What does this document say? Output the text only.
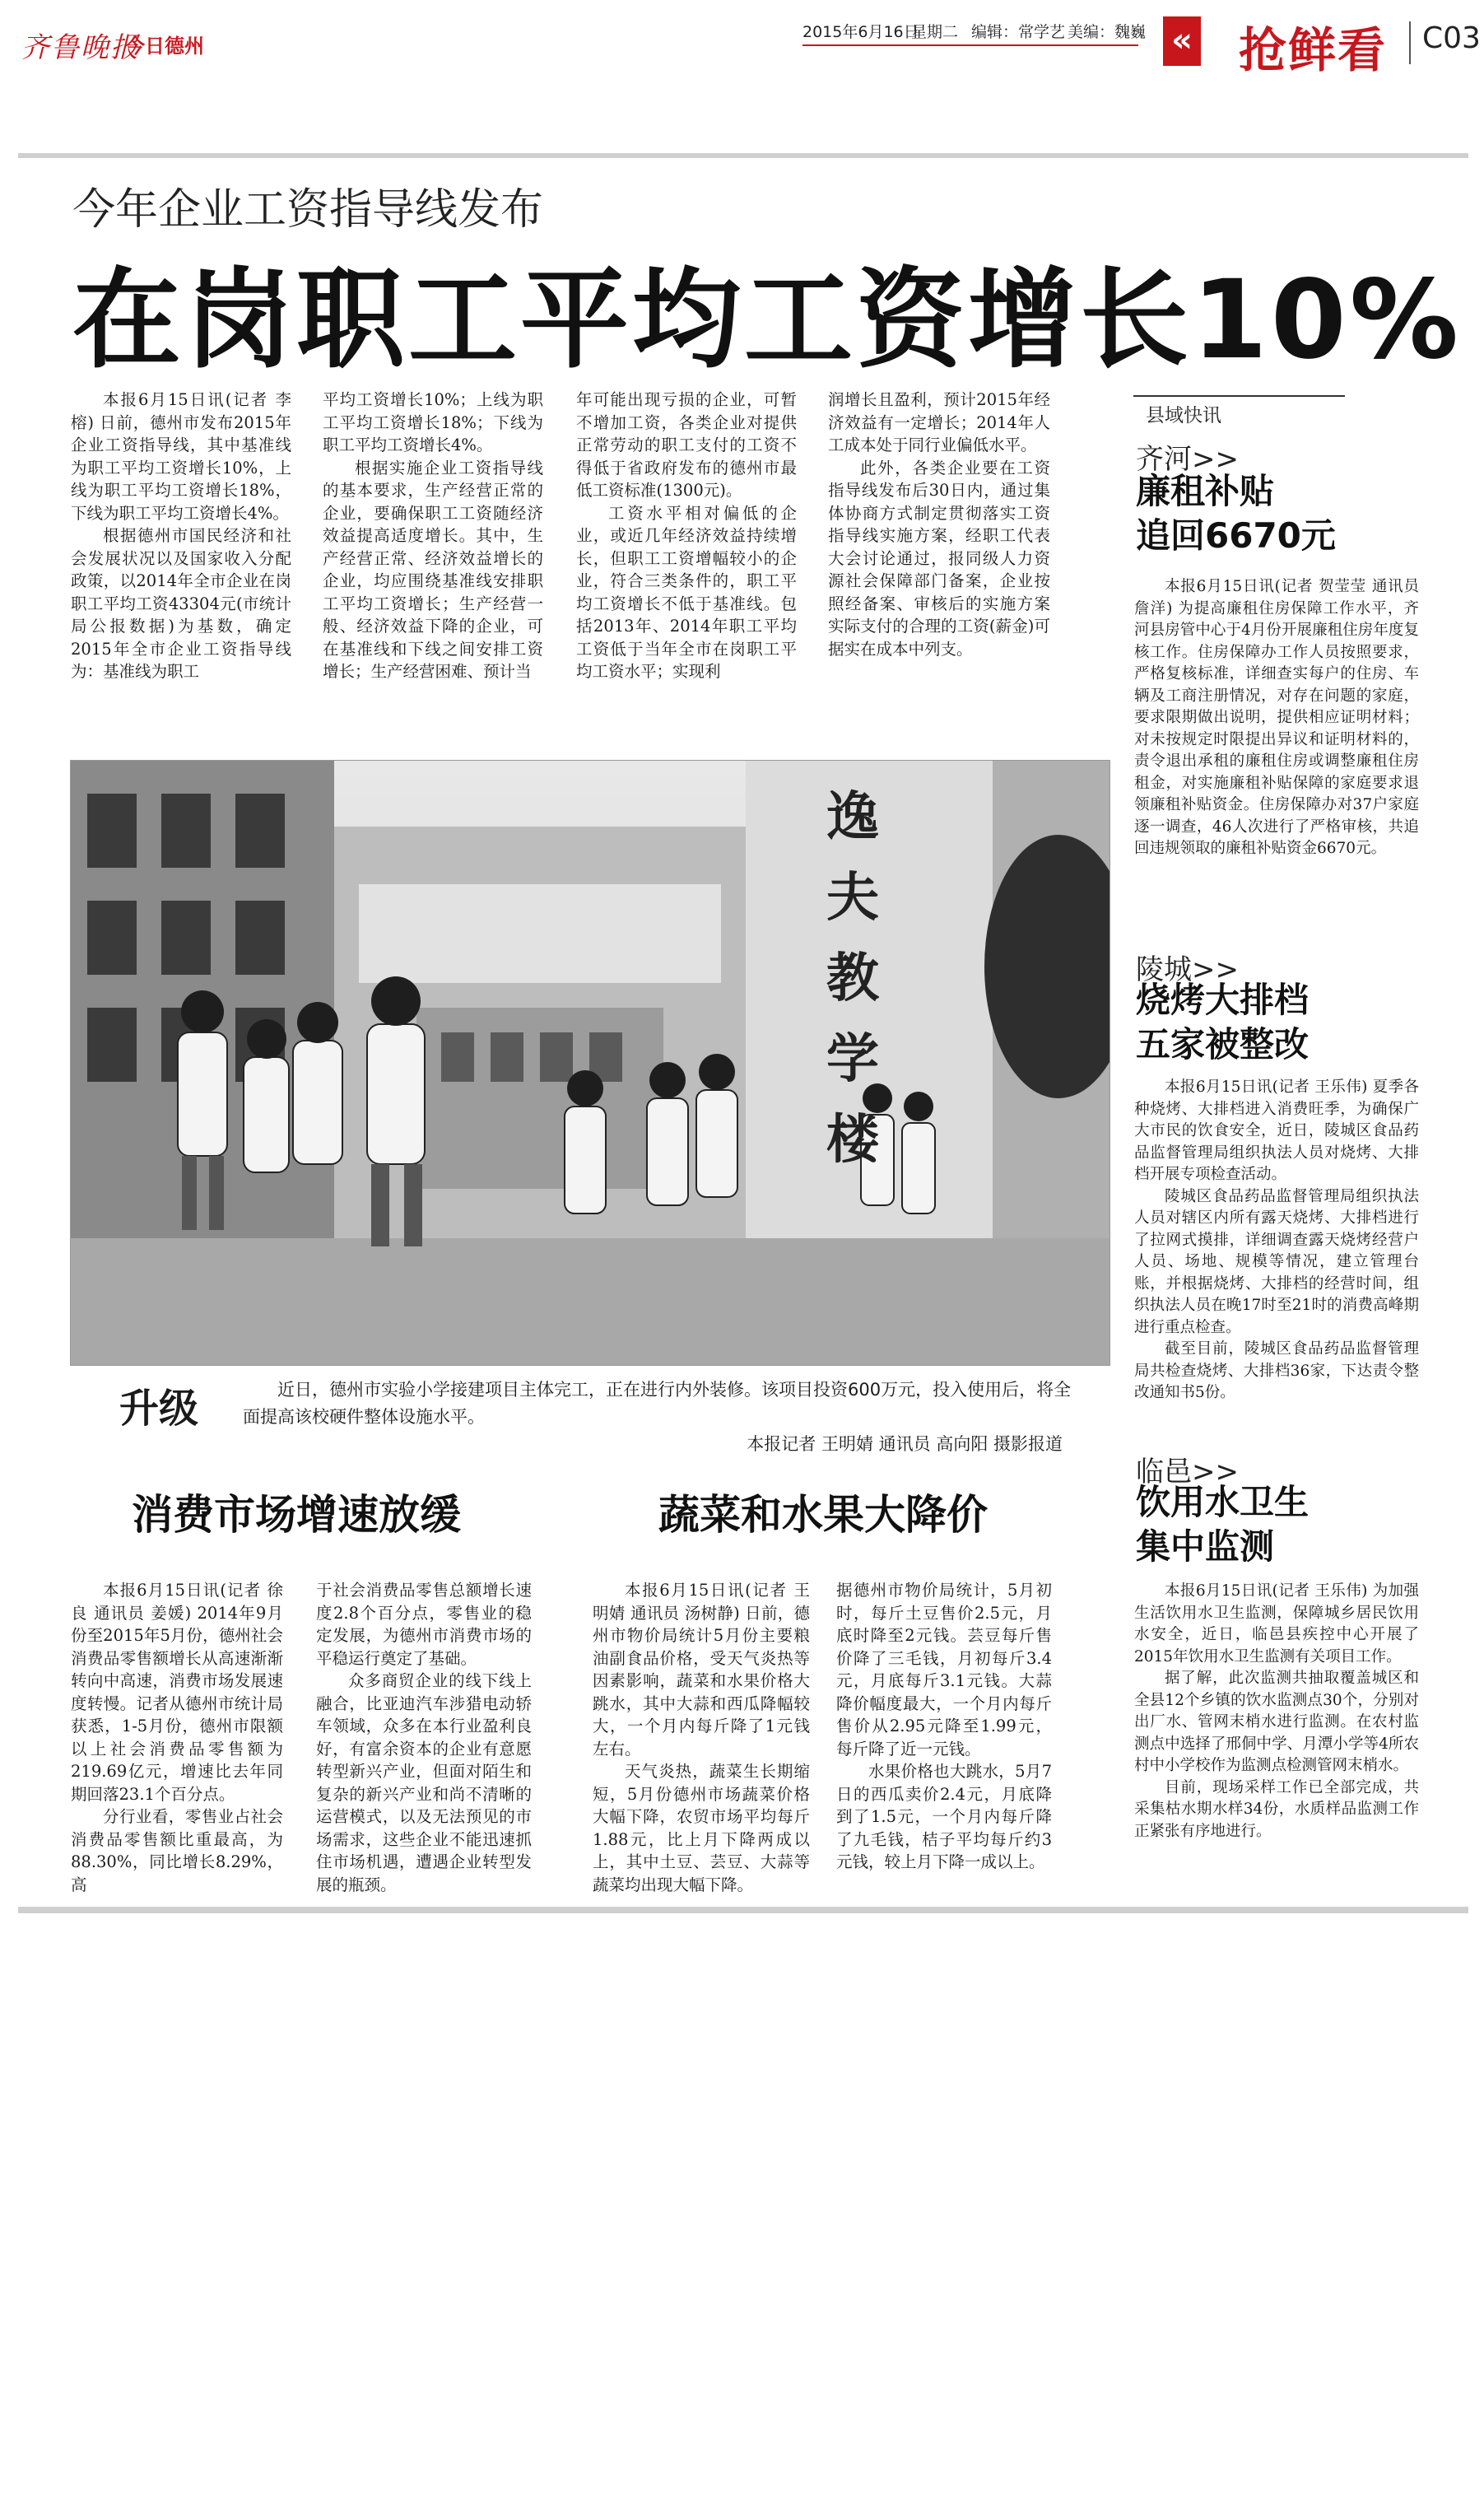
齐鲁晚报
今日德州
2015年6月16日
星期二 编辑：常学艺 美编：魏巍 « 抢鲜看 C03
今年企业工资指导线发布
在岗职工平均工资增长10%

本报6月15日讯(记者 李榕) 日前，德州市发布2015年企业工资指导线，其中基准线为职工平均工资增长10%，上线为职工平均工资增长18%，下线为职工平均工资增长4%。

根据德州市国民经济和社会发展状况以及国家收入分配政策，以2014年全市企业在岗职工平均工资43304元(市统计局公报数据)为基数，确定2015年全市企业工资指导线为：基准线为职工

平均工资增长10%；上线为职工平均工资增长18%；下线为职工平均工资增长4%。

根据实施企业工资指导线的基本要求，生产经营正常的企业，要确保职工工资随经济效益提高适度增长。其中，生产经营正常、经济效益增长的企业，均应围绕基准线安排职工平均工资增长；生产经营一般、经济效益下降的企业，可在基准线和下线之间安排工资增长；生产经营困难、预计当

年可能出现亏损的企业，可暂不增加工资，各类企业对提供正常劳动的职工支付的工资不得低于省政府发布的德州市最低工资标准(1300元)。

工资水平相对偏低的企业，或近几年经济效益持续增长，但职工工资增幅较小的企业，符合三类条件的，职工平均工资增长不低于基准线。包括2013年、2014年职工平均工资低于当年全市在岗职工平均工资水平；实现利

润增长且盈利，预计2015年经济效益有一定增长；2014年人工成本处于同行业偏低水平。

此外，各类企业要在工资指导线发布后30日内，通过集体协商方式制定贯彻落实工资指导线实施方案，经职工代表大会讨论通过，报同级人力资源社会保障部门备案，企业按照经备案、审核后的实施方案实际支付的合理的工资(薪金)可据实在成本中列支。

县域快讯
齐河>>
廉租补贴
追回6670元

本报6月15日讯(记者 贺莹莹 通讯员 詹洋) 为提高廉租住房保障工作水平，齐河县房管中心于4月份开展廉租住房年度复核工作。住房保障办工作人员按照要求，严格复核标准，详细查实每户的住房、车辆及工商注册情况，对存在问题的家庭，要求限期做出说明，提供相应证明材料；对未按规定时限提出异议和证明材料的，责令退出承租的廉租住房或调整廉租住房租金，对实施廉租补贴保障的家庭要求退领廉租补贴资金。住房保障办对37户家庭逐一调查，46人次进行了严格审核，共追回违规领取的廉租补贴资金6670元。

陵城>>
烧烤大排档
五家被整改

本报6月15日讯(记者 王乐伟) 夏季各种烧烤、大排档进入消费旺季，为确保广大市民的饮食安全，近日，陵城区食品药品监督管理局组织执法人员对烧烤、大排档开展专项检查活动。

陵城区食品药品监督管理局组织执法人员对辖区内所有露天烧烤、大排档进行了拉网式摸排，详细调查露天烧烤经营户人员、场地、规模等情况，建立管理台账，并根据烧烤、大排档的经营时间，组织执法人员在晚17时至21时的消费高峰期进行重点检查。

截至目前，陵城区食品药品监督管理局共检查烧烤、大排档36家，下达责令整改通知书5份。

临邑>>
饮用水卫生
集中监测

本报6月15日讯(记者 王乐伟) 为加强生活饮用水卫生监测，保障城乡居民饮用水安全，近日，临邑县疾控中心开展了2015年饮用水卫生监测有关项目工作。

据了解，此次监测共抽取覆盖城区和全县12个乡镇的饮水监测点30个，分别对出厂水、管网末梢水进行监测。在农村监测点中选择了邢侗中学、月潭小学等4所农村中小学校作为监测点检测管网末梢水。

目前，现场采样工作已全部完成，共采集枯水期水样34份，水质样品监测工作正紧张有序地进行。

逸夫教学楼
升级	近日，德州市实验小学接建项目主体完工，正在进行内外装修。该项目投资600万元，投入使用后，将全面提高该校硬件整体设施水平。
本报记者 王明婧 通讯员 高向阳 摄影报道
消费市场增速放缓

本报6月15日讯(记者 徐良 通讯员 姜媛) 2014年9月份至2015年5月份，德州社会消费品零售额增长从高速渐渐转向中高速，消费市场发展速度转慢。记者从德州市统计局获悉，1-5月份，德州市限额以上社会消费品零售额为219.69亿元，增速比去年同期回落23.1个百分点。

分行业看，零售业占社会消费品零售额比重最高，为88.30%，同比增长8.29%，高

于社会消费品零售总额增长速度2.8个百分点，零售业的稳定发展，为德州市消费市场的平稳运行奠定了基础。

众多商贸企业的线下线上融合，比亚迪汽车涉猎电动轿车领域，众多在本行业盈利良好，有富余资本的企业有意愿转型新兴产业，但面对陌生和复杂的新兴产业和尚不清晰的运营模式，以及无法预见的市场需求，这些企业不能迅速抓住市场机遇，遭遇企业转型发展的瓶颈。

蔬菜和水果大降价

本报6月15日讯(记者 王明婧 通讯员 汤树静) 日前，德州市物价局统计5月份主要粮油副食品价格，受天气炎热等因素影响，蔬菜和水果价格大跳水，其中大蒜和西瓜降幅较大，一个月内每斤降了1元钱左右。

天气炎热，蔬菜生长期缩短，5月份德州市场蔬菜价格大幅下降，农贸市场平均每斤1.88元，比上月下降两成以上，其中土豆、芸豆、大蒜等蔬菜均出现大幅下降。

据德州市物价局统计，5月初时，每斤土豆售价2.5元，月底时降至2元钱。芸豆每斤售价降了三毛钱，月初每斤3.4元，月底每斤3.1元钱。大蒜降价幅度最大，一个月内每斤售价从2.95元降至1.99元，每斤降了近一元钱。

水果价格也大跳水，5月7日的西瓜卖价2.4元，月底降到了1.5元，一个月内每斤降了九毛钱，桔子平均每斤约3元钱，较上月下降一成以上。
